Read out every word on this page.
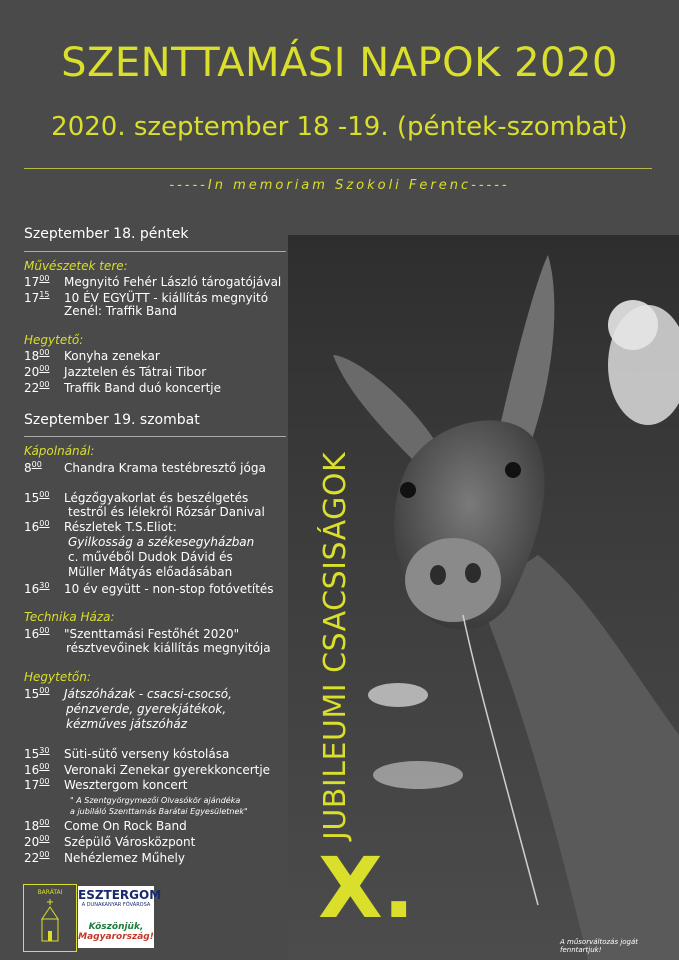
SZENTTAMÁSI NAPOK 2020
2020. szeptember 18 -19. (péntek-szombat)
-----In memoriam Szokoli Ferenc-----
Szeptember 18. péntek
Művészetek tere:
$17^{00}$ Megnyitó Fehér László tárogatójával
$17^{15}$ 10 ÉV EGYÜTT - kiállítás megnyitó
Zenél: Traffik Band
Hegytető:
$18^{00}$ Konyha zenekar
$20^{00}$ Jazztelen és Tátrai Tibor
$22^{00}$ Traffik Band duó koncertje
Szeptember 19. szombat
Kápolnánál:
$8^{00}$ Chandra Krama testébresztő jóga
$15^{00}$ Légzőgyakorlat és beszélgetés
testről és lélekről Rózsár Danival
$16^{00}$ Részletek T.S.Eliot:
Gyilkosság a székesegyházban
c. művéből Dudok Dávid és
Müller Mátyás előadásában
$16^{30}$ 10 év együtt - non-stop fotóvetítés
Technika Háza:
$16^{00}$ "Szenttamási Festőhét 2020"
résztvevőinek kiállítás megnyitója
Hegytetőn:
$15^{00}$ Játszóházak - csacsi-csocsó,
pénzverde, gyerekjátékok,
kézműves játszóház
$15^{30}$ Süti-sütő verseny kóstolása
$16^{00}$ Veronaki Zenekar gyerekkoncertje
$17^{00}$ Wesztergom koncert
" A Szentgyörgymezői Olvasókör ajándéka
a jubiláló Szenttamás Barátai Egyesületnek"
$18^{00}$ Come On Rock Band
$20^{00}$ Szépülő Városközpont
$22^{00}$ Nehézlemez Műhely
JUBILEUMI CSACSISÁGOK
X.
BARÁTAI ESZTERGOM
A DUNAKANYAR FŐVÁROSA
Köszönjük,
Magyarország!	A műsorváltozás jogát fenntartjuk!
